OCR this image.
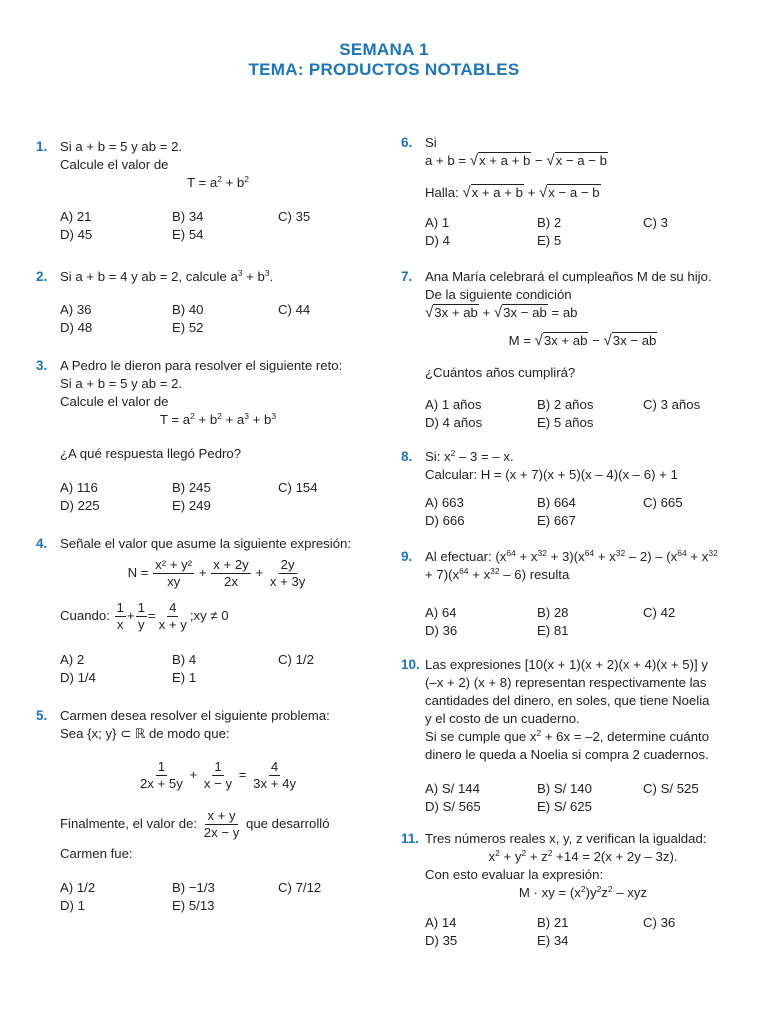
SEMANA 1
TEMA: PRODUCTOS NOTABLES
1. Si a + b = 5 y ab = 2.
Calcule el valor de
$T = a^2 + b^2$
A) 21	B) 34	C) 35
D) 45	E) 54
2. Si a + b = 4 y ab = 2, calcule $a^3 + b^3$.
A) 36	B) 40	C) 44
D) 48	E) 52
3. A Pedro le dieron para resolver el siguiente reto:
Si a + b = 5 y ab = 2.
Calcule el valor de
$T = a^2 + b^2 + a^3 + b^3$
¿A qué respuesta llegó Pedro?
A) 116	B) 245	C) 154
D) 225	E) 249
4. Señale el valor que asume la siguiente expresión:
$N = \frac{\text{x² + y²}}{xy} + \frac{x + 2y}{2x} + \frac{2y}{x + 3y}$
Cuando: $\frac{1}{x} + \frac{1}{y} = \frac{4}{x + y}$ ;xy ≠ 0
A) 2	B) 4	C) 1/2
D) 1/4	E) 1
5. Carmen desea resolver el siguiente problema:
Sea {x; y} ⊂ ℝ de modo que:
$\frac{1}{2x + 5y} + \frac{1}{x - y} = \frac{4}{3x + 4y}$
Finalmente, el valor de: $\frac{x + y}{2x - y}$ que desarrolló
Carmen fue:
A) 1/2	B) −1/3	C) 7/12
D) 1	E) 5/13
6. Si
a + b = √x + a + b − √x − a − b
Halla: √x + a + b + √x − a − b
A) 1	B) 2	C) 3
D) 4	E) 5
7. Ana María celebrará el cumpleaños M de su hijo.
De la siguiente condición
√3x + ab + √3x − ab = ab
M = √3x + ab − √3x − ab
¿Cuántos años cumplirá?
A) 1 años	B) 2 años	C) 3 años
D) 4 años	E) 5 años
8. Si: $x^2 - 3$ = – x.
Calcular: H = (x + 7)(x + 5)(x – 4)(x – 6) + 1
A) 663	B) 664	C) 665
D) 666	E) 667
9. Al efectuar: $(x^{64} + x^{32} + 3)(x^{64} + x^{32} - 2) - (x^{64} + x^{32}$
+ $7)(x^{64} + x^{32} - 6)$ resulta
A) 64	B) 28	C) 42
D) 36	E) 81
10. Las expresiones [10(x + 1)(x + 2)(x + 4)(x + 5)] y
(–x + 2) (x + 8) representan respectivamente las
cantidades del dinero, en soles, que tiene Noelia
y el costo de un cuaderno.
Si se cumple que $x^2 + 6x = -2$, determine cuánto
dinero le queda a Noelia si compra 2 cuadernos.
A) S/ 144	B) S/ 140	C) S/ 525
D) S/ 565	E) S/ 625
11. Tres números reales x, y, z verifican la igualdad:
$x^2 + y^2 + z^2 +14 = 2(x + 2y - 3z)$.
Con esto evaluar la expresión:
M · xy = $(x^2)y^2z^2$ – xyz
A) 14	B) 21	C) 36
D) 35	E) 34
